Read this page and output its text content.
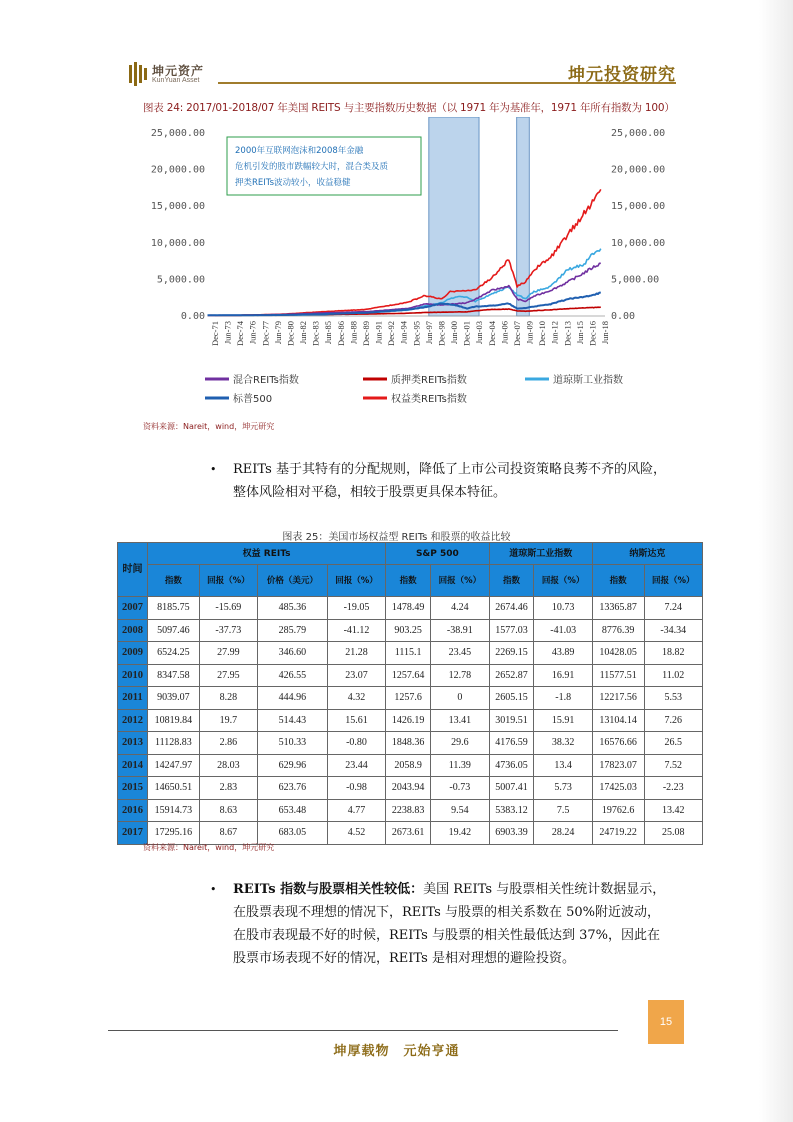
坤元资产
KunYuan Asset	坤元投资研究
图表 24: 2017/01-2018/07 年美国 REITS 与主要指数历史数据（以 1971 年为基准年，1971 年所有指数为 100）
25,000.00
20,000.00
15,000.00
10,000.00
5,000.00
0.00
25,000.00
20,000.00
15,000.00
10,000.00
5,000.00
0.00
Dec-71 Jun-73 Dec-74 Jun-76 Dec-77 Jun-79 Dec-80 Jun-82 Dec-83 Jun-85 Dec-86 Jun-88 Dec-89 Jun-91 Dec-92 Jun-94 Dec-95 Jun-97 Dec-98 Jun-00 Dec-01 Jun-03 Dec-04 Jun-06 Dec-07 Jun-09 Dec-10 Jun-12 Dec-13 Jun-15 Dec-16 Jun-18
混合REITs指数
标普500
质押类REITs指数
权益类REITs指数
道琼斯工业指数
2000年互联网泡沫和2008年金融
危机引发的股市跌幅较大时，混合类及质
押类REITs波动较小，收益稳健
资料来源：Nareit，wind，坤元研究
• REITs 基于其特有的分配规则，降低了上市公司投资策略良莠不齐的风险，
整体风险相对平稳，相较于股票更具保本特征。
图表 25：美国市场权益型 REITs 和股票的收益比较
时间	权益 REITs				S&P 500		道琼斯工业指数		纳斯达克	
	指数	回报（%）	价格（美元）	回报（%）	指数	回报（%）	指数	回报（%）	指数	回报（%）
2007	8185.75	-15.69	485.36	-19.05	1478.49	4.24	2674.46	10.73	13365.87	7.24
2008	5097.46	-37.73	285.79	-41.12	903.25	-38.91	1577.03	-41.03	8776.39	-34.34
2009	6524.25	27.99	346.60	21.28	1115.1	23.45	2269.15	43.89	10428.05	18.82
2010	8347.58	27.95	426.55	23.07	1257.64	12.78	2652.87	16.91	11577.51	11.02
2011	9039.07	8.28	444.96	4.32	1257.6	0	2605.15	-1.8	12217.56	5.53
2012	10819.84	19.7	514.43	15.61	1426.19	13.41	3019.51	15.91	13104.14	7.26
2013	11128.83	2.86	510.33	-0.80	1848.36	29.6	4176.59	38.32	16576.66	26.5
2014	14247.97	28.03	629.96	23.44	2058.9	11.39	4736.05	13.4	17823.07	7.52
2015	14650.51	2.83	623.76	-0.98	2043.94	-0.73	5007.41	5.73	17425.03	-2.23
2016	15914.73	8.63	653.48	4.77	2238.83	9.54	5383.12	7.5	19762.6	13.42
2017	17295.16	8.67	683.05	4.52	2673.61	19.42	6903.39	28.24	24719.22	25.08
资料来源：Nareit，wind，坤元研究
• REITs 指数与股票相关性较低：美国 REITs 与股票相关性统计数据显示，
在股票表现不理想的情况下，REITs 与股票的相关系数在 50%附近波动，
在股市表现最不好的时候，REITs 与股票的相关性最低达到 37%，因此在
股票市场表现不好的情况，REITs 是相对理想的避险投资。
15
坤厚载物　元始亨通
